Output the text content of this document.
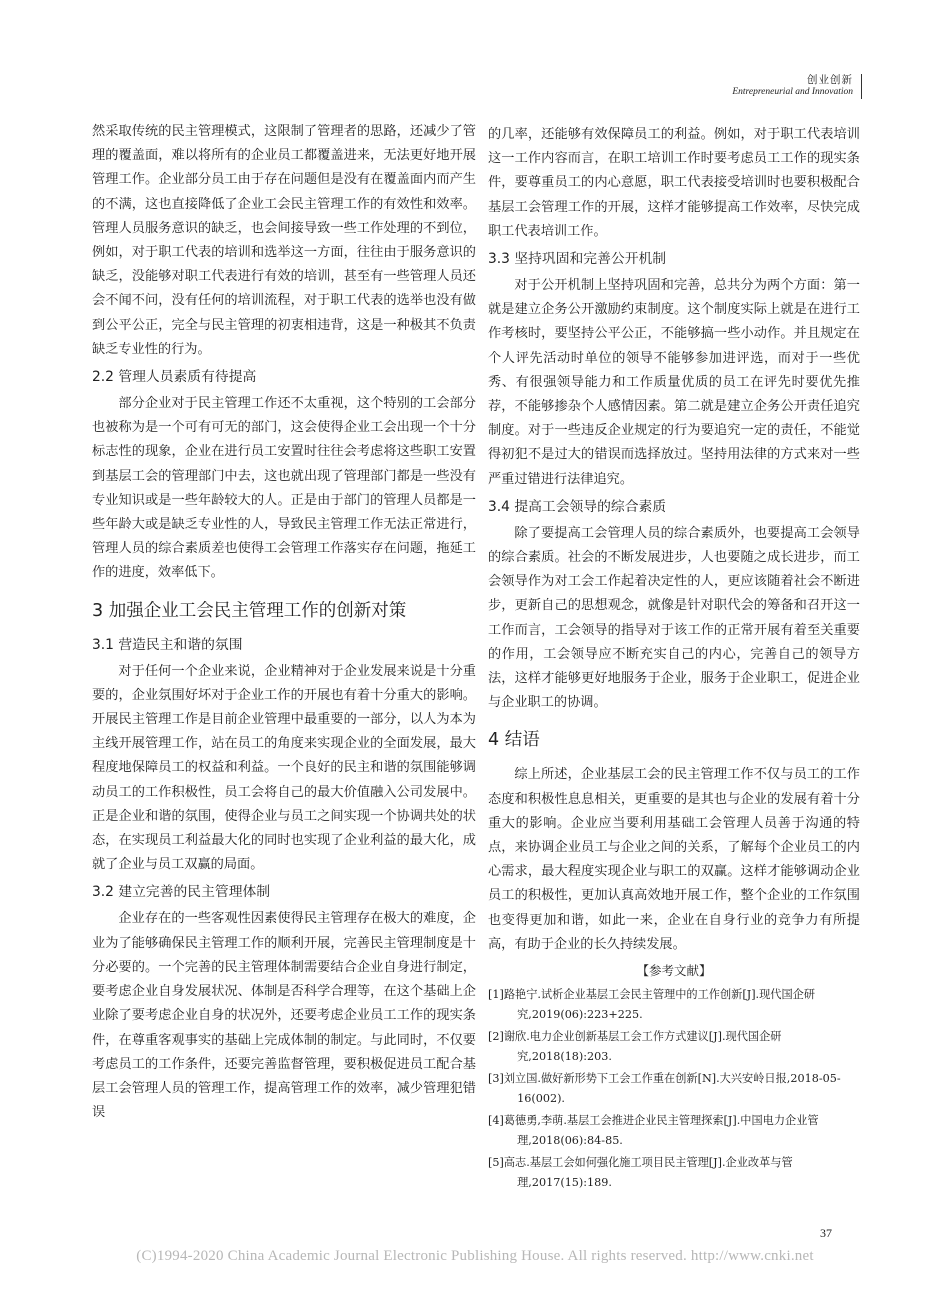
创业创新
Entrepreneurial and Innovation

然采取传统的民主管理模式，这限制了管理者的思路，还减少了管理的覆盖面，难以将所有的企业员工都覆盖进来，无法更好地开展管理工作。企业部分员工由于存在问题但是没有在覆盖面内而产生的不满，这也直接降低了企业工会民主管理工作的有效性和效率。管理人员服务意识的缺乏，也会间接导致一些工作处理的不到位，例如，对于职工代表的培训和选举这一方面，往往由于服务意识的缺乏，没能够对职工代表进行有效的培训，甚至有一些管理人员还会不闻不问，没有任何的培训流程，对于职工代表的选举也没有做到公平公正，完全与民主管理的初衷相违背，这是一种极其不负责缺乏专业性的行为。

2.2 管理人员素质有待提高

部分企业对于民主管理工作还不太重视，这个特别的工会部分也被称为是一个可有可无的部门，这会使得企业工会出现一个十分标志性的现象，企业在进行员工安置时往往会考虑将这些职工安置到基层工会的管理部门中去，这也就出现了管理部门都是一些没有专业知识或是一些年龄较大的人。正是由于部门的管理人员都是一些年龄大或是缺乏专业性的人，导致民主管理工作无法正常进行，管理人员的综合素质差也使得工会管理工作落实存在问题，拖延工作的进度，效率低下。

3 加强企业工会民主管理工作的创新对策
3.1 营造民主和谐的氛围

对于任何一个企业来说，企业精神对于企业发展来说是十分重要的，企业氛围好坏对于企业工作的开展也有着十分重大的影响。开展民主管理工作是目前企业管理中最重要的一部分，以人为本为主线开展管理工作，站在员工的角度来实现企业的全面发展，最大程度地保障员工的权益和利益。一个良好的民主和谐的氛围能够调动员工的工作积极性，员工会将自己的最大价值融入公司发展中。正是企业和谐的氛围，使得企业与员工之间实现一个协调共处的状态，在实现员工利益最大化的同时也实现了企业利益的最大化，成就了企业与员工双赢的局面。

3.2 建立完善的民主管理体制

企业存在的一些客观性因素使得民主管理存在极大的难度，企业为了能够确保民主管理工作的顺利开展，完善民主管理制度是十分必要的。一个完善的民主管理体制需要结合企业自身进行制定，要考虑企业自身发展状况、体制是否科学合理等，在这个基础上企业除了要考虑企业自身的状况外，还要考虑企业员工工作的现实条件，在尊重客观事实的基础上完成体制的制定。与此同时，不仅要考虑员工的工作条件，还要完善监督管理，要积极促进员工配合基层工会管理人员的管理工作，提高管理工作的效率，减少管理犯错误

的几率，还能够有效保障员工的利益。例如，对于职工代表培训这一工作内容而言，在职工培训工作时要考虑员工工作的现实条件，要尊重员工的内心意愿，职工代表接受培训时也要积极配合基层工会管理工作的开展，这样才能够提高工作效率，尽快完成职工代表培训工作。

3.3 坚持巩固和完善公开机制

对于公开机制上坚持巩固和完善，总共分为两个方面：第一就是建立企务公开激励约束制度。这个制度实际上就是在进行工作考核时，要坚持公平公正，不能够搞一些小动作。并且规定在个人评先活动时单位的领导不能够参加进评选，而对于一些优秀、有很强领导能力和工作质量优质的员工在评先时要优先推荐，不能够掺杂个人感情因素。第二就是建立企务公开责任追究制度。对于一些违反企业规定的行为要追究一定的责任，不能觉得初犯不是过大的错误而选择放过。坚持用法律的方式来对一些严重过错进行法律追究。

3.4 提高工会领导的综合素质

除了要提高工会管理人员的综合素质外，也要提高工会领导的综合素质。社会的不断发展进步，人也要随之成长进步，而工会领导作为对工会工作起着决定性的人，更应该随着社会不断进步，更新自己的思想观念，就像是针对职代会的筹备和召开这一工作而言，工会领导的指导对于该工作的正常开展有着至关重要的作用，工会领导应不断充实自己的内心，完善自己的领导方法，这样才能够更好地服务于企业，服务于企业职工，促进企业与企业职工的协调。

4 结语

综上所述，企业基层工会的民主管理工作不仅与员工的工作态度和积极性息息相关，更重要的是其也与企业的发展有着十分重大的影响。企业应当要利用基础工会管理人员善于沟通的特点，来协调企业员工与企业之间的关系，了解每个企业员工的内心需求，最大程度实现企业与职工的双赢。这样才能够调动企业员工的积极性，更加认真高效地开展工作，整个企业的工作氛围也变得更加和谐，如此一来，企业在自身行业的竞争力有所提高，有助于企业的长久持续发展。

【参考文献】

[1]路艳宁.试析企业基层工会民主管理中的工作创新[J].现代国企研究,2019(06):223+225.

[2]谢欣.电力企业创新基层工会工作方式建议[J].现代国企研究,2018(18):203.

[3]刘立国.做好新形势下工会工作重在创新[N].大兴安岭日报,2018-05-16(002).

[4]葛德勇,李萌.基层工会推进企业民主管理探索[J].中国电力企业管理,2018(06):84-85.

[5]高志.基层工会如何强化施工项目民主管理[J].企业改革与管理,2017(15):189.

37
(C)1994-2020 China Academic Journal Electronic Publishing House. All rights reserved. http://www.cnki.net
